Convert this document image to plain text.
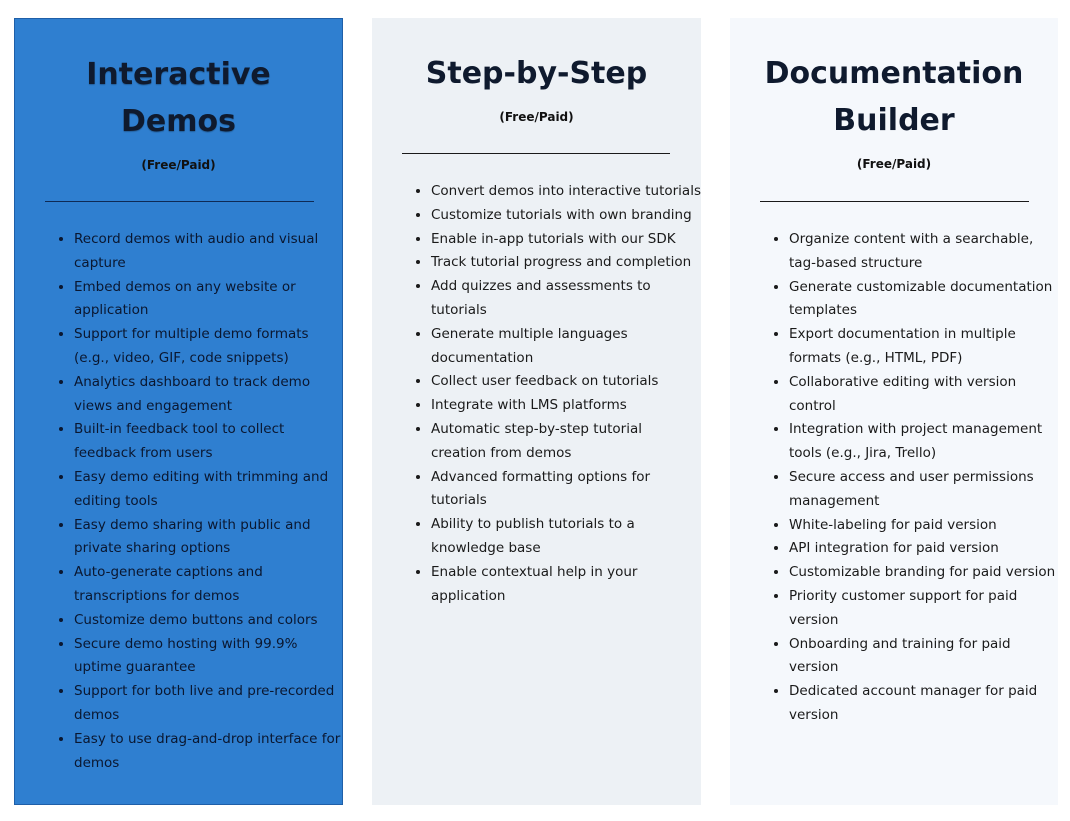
Interactive Demos
(Free/Paid)
• Record demos with audio and visual capture
• Embed demos on any website or application
• Support for multiple demo formats (e.g., video, GIF, code snippets)
• Analytics dashboard to track demo views and engagement
• Built-in feedback tool to collect feedback from users
• Easy demo editing with trimming and editing tools
• Easy demo sharing with public and private sharing options
• Auto-generate captions and transcriptions for demos
• Customize demo buttons and colors
• Secure demo hosting with 99.9% uptime guarantee
• Support for both live and pre-recorded demos
• Easy to use drag-and-drop interface for demos
Step-by-Step
(Free/Paid)
• Convert demos into interactive tutorials
• Customize tutorials with own branding
• Enable in-app tutorials with our SDK
• Track tutorial progress and completion
• Add quizzes and assessments to tutorials
• Generate multiple languages documentation
• Collect user feedback on tutorials
• Integrate with LMS platforms
• Automatic step-by-step tutorial creation from demos
• Advanced formatting options for tutorials
• Ability to publish tutorials to a knowledge base
• Enable contextual help in your application
Documentation Builder
(Free/Paid)
• Organize content with a searchable, tag-based structure
• Generate customizable documentation templates
• Export documentation in multiple formats (e.g., HTML, PDF)
• Collaborative editing with version control
• Integration with project management tools (e.g., Jira, Trello)
• Secure access and user permissions management
• White-labeling for paid version
• API integration for paid version
• Customizable branding for paid version
• Priority customer support for paid version
• Onboarding and training for paid version
• Dedicated account manager for paid version
